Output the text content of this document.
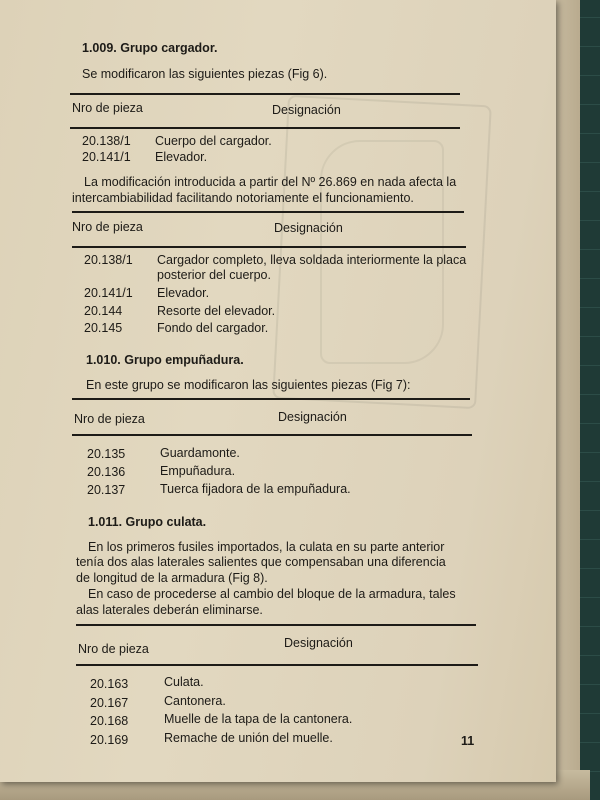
1.009. Grupo cargador.
Se modificaron las siguientes piezas (Fig 6).
Nro de pieza	Designación
20.138/1 Cuerpo del cargador.
20.141/1 Elevador.
La modificación introducida a partir del Nº 26.869 en nada afecta la
intercambiabilidad facilitando notoriamente el funcionamiento.
Nro de pieza	Designación
20.138/1 Cargador completo, lleva soldada interiormente la placa
posterior del cuerpo.
20.141/1 Elevador.
20.144	Resorte del elevador.
20.145	Fondo del cargador.
1.010. Grupo empuñadura.
En este grupo se modificaron las siguientes piezas (Fig 7):
Nro de pieza	Designación
20.135	Guardamonte.
20.136	Empuñadura.
20.137	Tuerca fijadora de la empuñadura.
1.011. Grupo culata.
En los primeros fusiles importados, la culata en su parte anterior
tenía dos alas laterales salientes que compensaban una diferencia
de longitud de la armadura (Fig 8).
En caso de procederse al cambio del bloque de la armadura, tales
alas laterales deberán eliminarse.
Nro de pieza	Designación
20.163	Culata.
20.167	Cantonera.
20.168	Muelle de la tapa de la cantonera.
20.169	Remache de unión del muelle.	11
